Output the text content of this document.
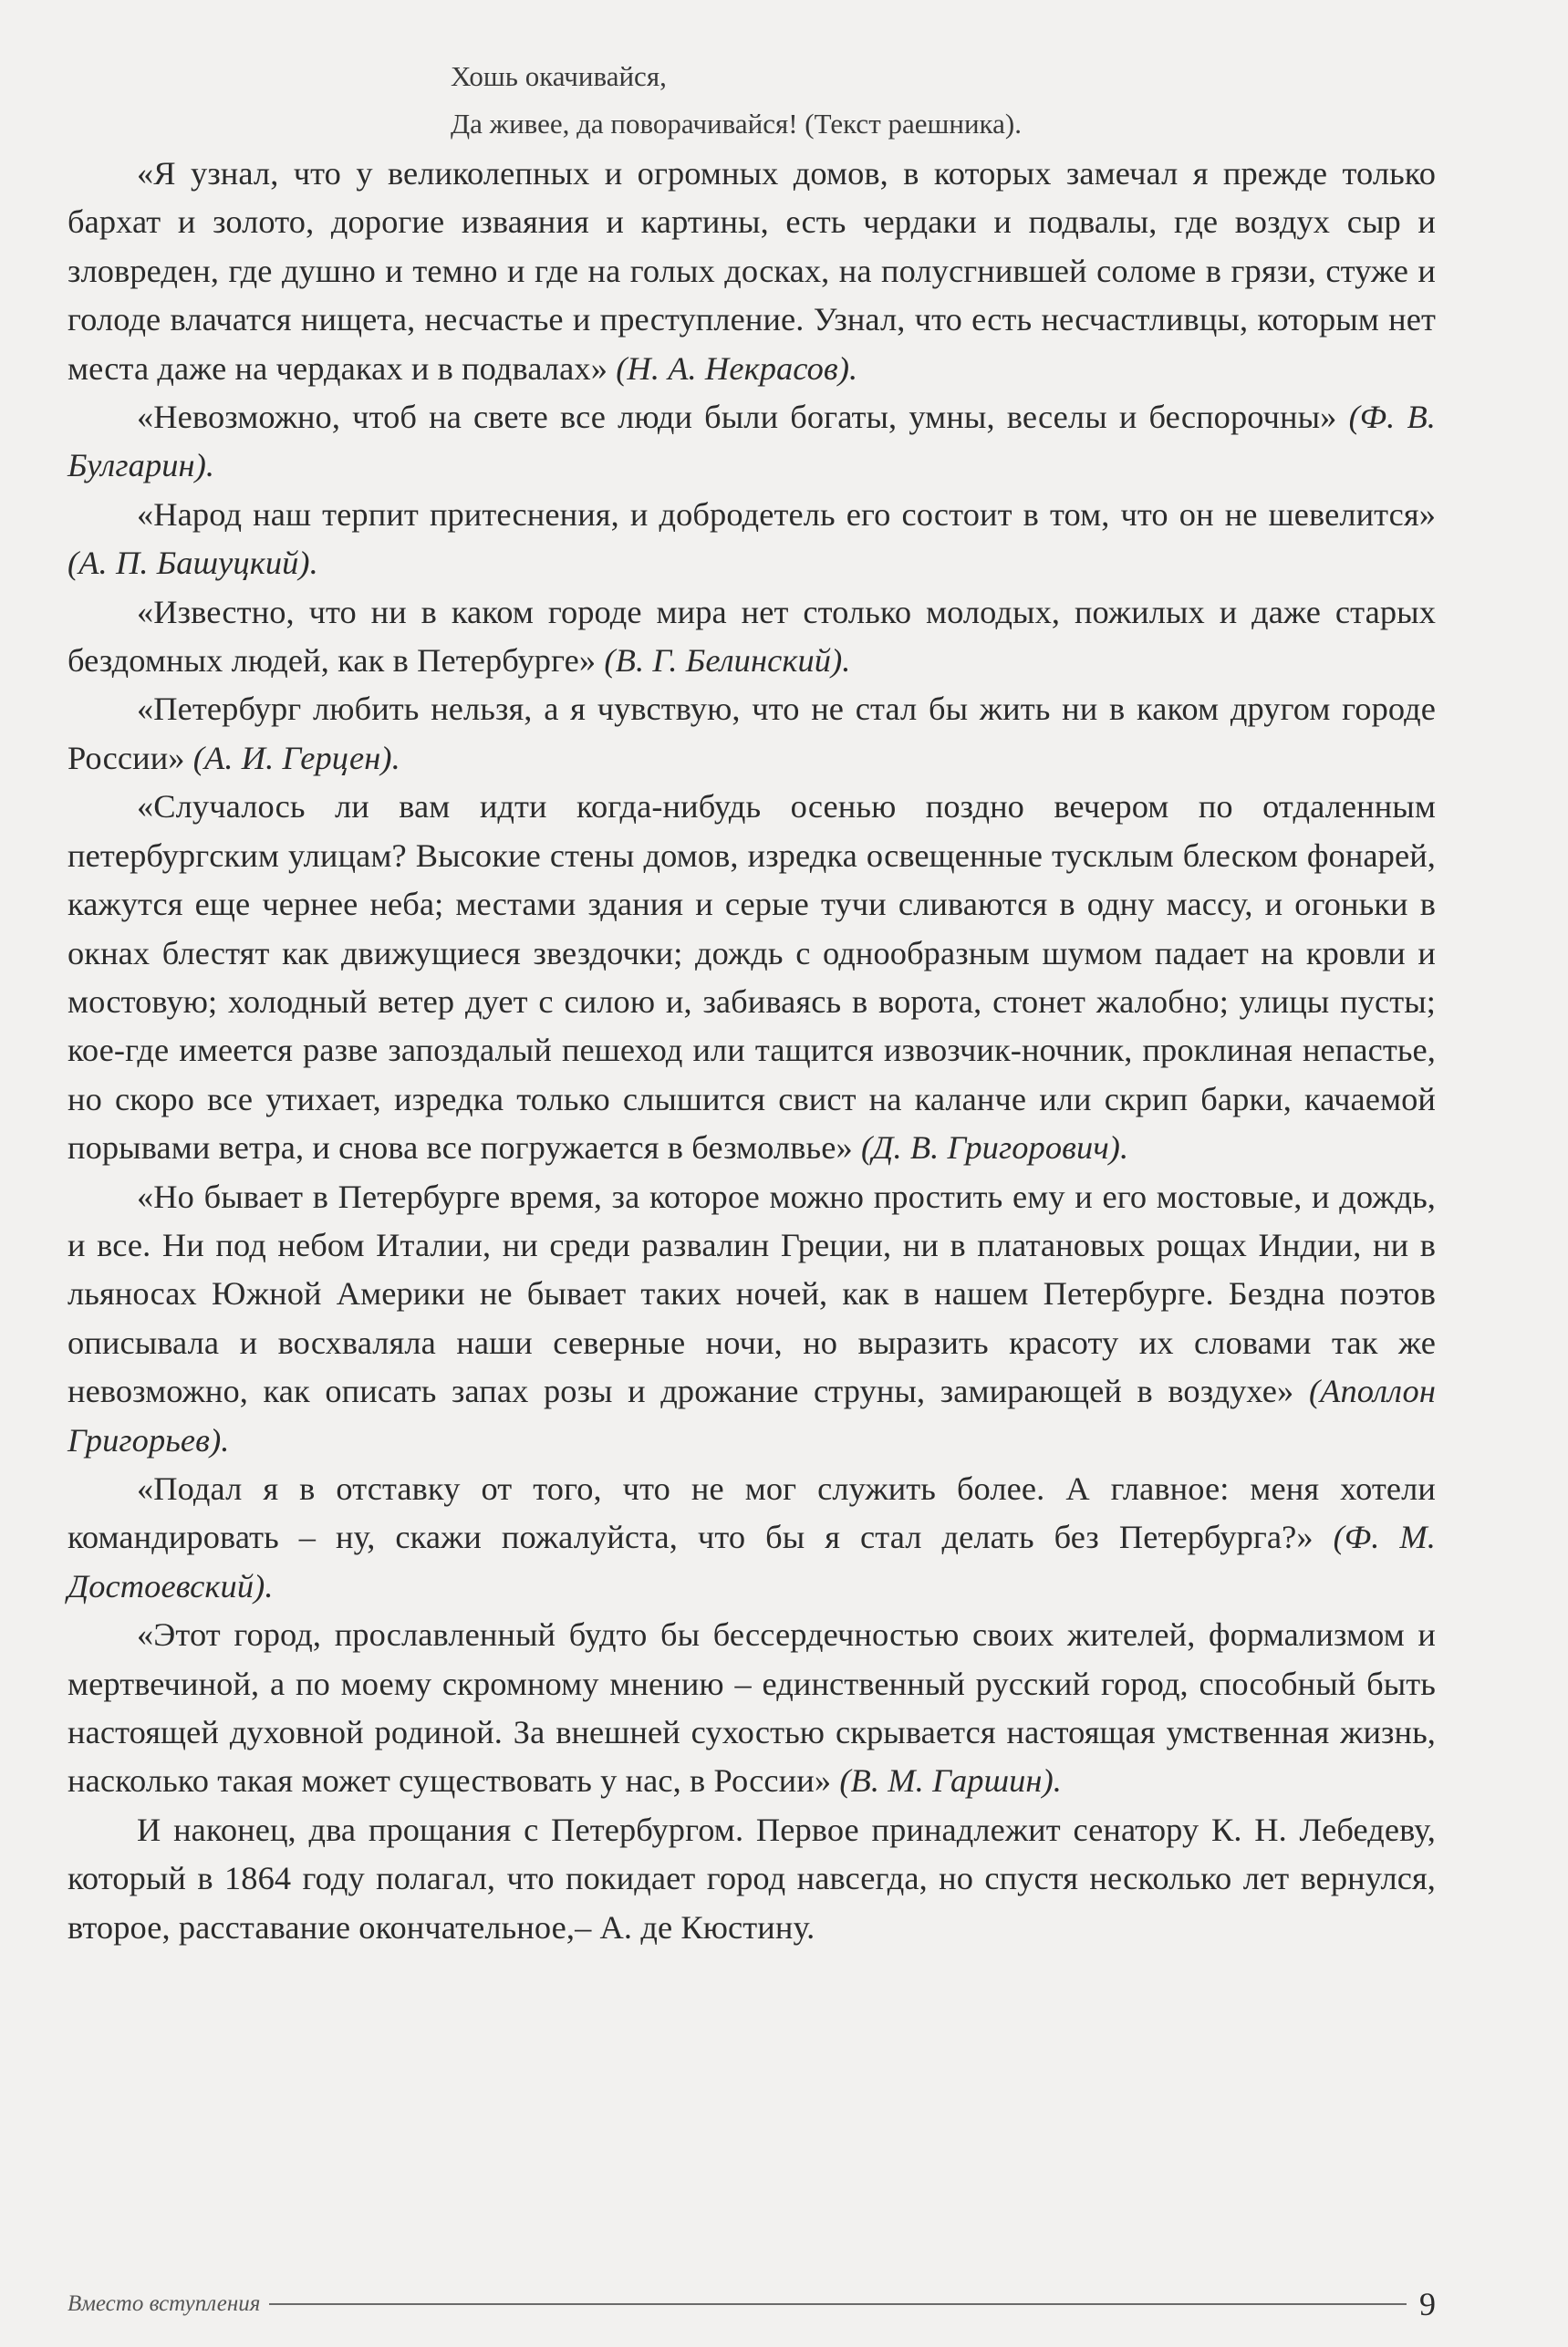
Хошь окачивайся,
Да живее, да поворачивайся! (Текст раешника).

«Я узнал, что у великолепных и огромных домов, в которых замечал я прежде только бархат и золото, дорогие изваяния и картины, есть чердаки и подвалы, где воздух сыр и зловреден, где душно и темно и где на голых досках, на полусгнившей соломе в грязи, стуже и голоде влачатся нищета, несчастье и преступление. Узнал, что есть несчастливцы, которым нет места даже на чердаках и в подвалах» (Н. А. Некрасов).

«Невозможно, чтоб на свете все люди были богаты, умны, веселы и беспорочны» (Ф. В. Булгарин).

«Народ наш терпит притеснения, и добродетель его состоит в том, что он не шевелится» (А. П. Башуцкий).

«Известно, что ни в каком городе мира нет столько молодых, пожилых и даже старых бездомных людей, как в Петербурге» (В. Г. Белинский).

«Петербург любить нельзя, а я чувствую, что не стал бы жить ни в каком другом городе России» (А. И. Герцен).

«Случалось ли вам идти когда-нибудь осенью поздно вечером по отдаленным петербургским улицам? Высокие стены домов, изредка освещенные тусклым блеском фонарей, кажутся еще чернее неба; местами здания и серые тучи сливаются в одну массу, и огоньки в окнах блестят как движущиеся звездочки; дождь с однообразным шумом падает на кровли и мостовую; холодный ветер дует с силою и, забиваясь в ворота, стонет жалобно; улицы пусты; кое-где имеется разве запоздалый пешеход или тащится извозчик-ночник, проклиная непастье, но скоро все утихает, изредка только слышится свист на каланче или скрип барки, качаемой порывами ветра, и снова все погружается в безмолвье» (Д. В. Григорович).

«Но бывает в Петербурге время, за которое можно простить ему и его мостовые, и дождь, и все. Ни под небом Италии, ни среди развалин Греции, ни в платановых рощах Индии, ни в льяносах Южной Америки не бывает таких ночей, как в нашем Петербурге. Бездна поэтов описывала и восхваляла наши северные ночи, но выразить красоту их словами так же невозможно, как описать запах розы и дрожание струны, замирающей в воздухе» (Аполлон Григорьев).

«Подал я в отставку от того, что не мог служить более. А главное: меня хотели командировать – ну, скажи пожалуйста, что бы я стал делать без Петербурга?» (Ф. М. Достоевский).

«Этот город, прославленный будто бы бессердечностью своих жителей, формализмом и мертвечиной, а по моему скромному мнению – единственный русский город, способный быть настоящей духовной родиной. За внешней сухостью скрывается настоящая умственная жизнь, насколько такая может существовать у нас, в России» (В. М. Гаршин).

И наконец, два прощания с Петербургом. Первое принадлежит сенатору К. Н. Лебедеву, который в 1864 году полагал, что покидает город навсегда, но спустя несколько лет вернулся, второе, расставание окончательное,– А. де Кюстину.

Вместо вступления	9
